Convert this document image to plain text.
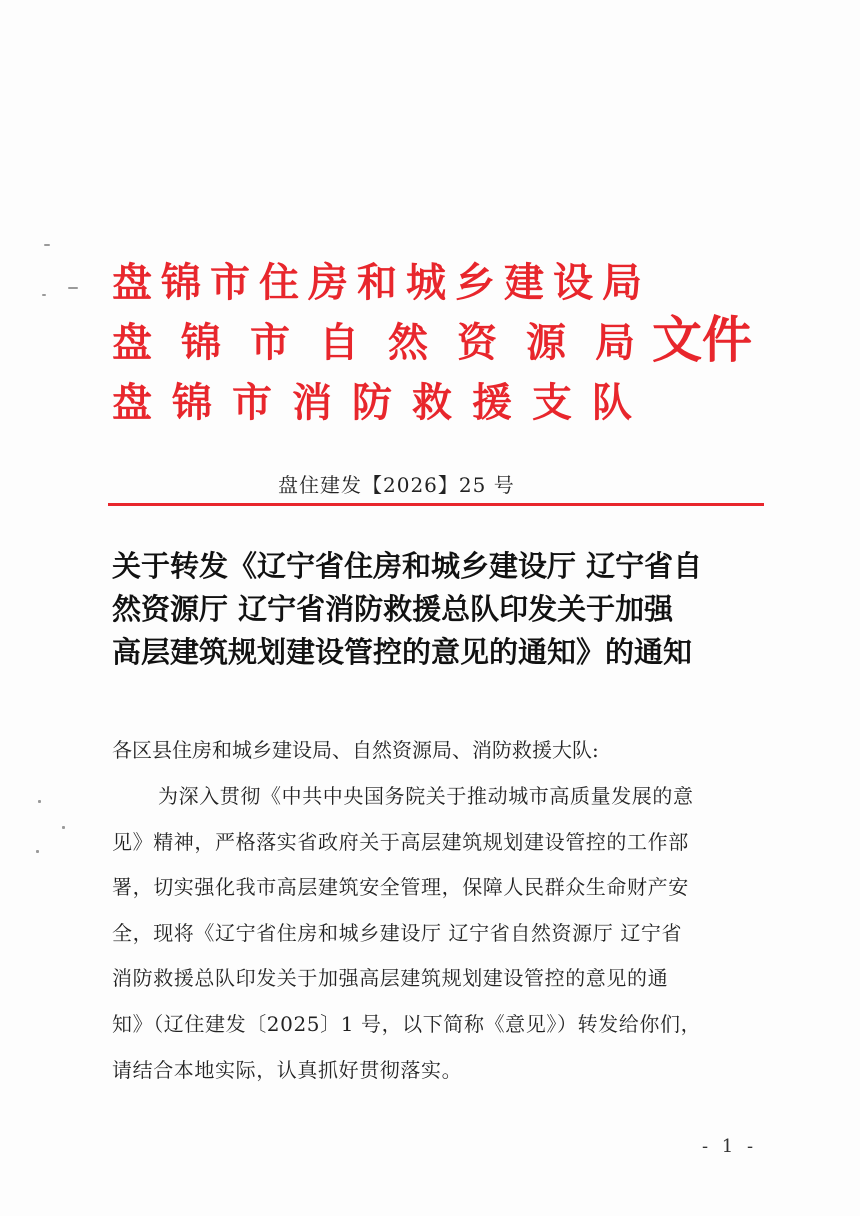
盘锦市住房和城乡建设局
盘锦市自然资源局
盘锦市消防救援支队
文件
盘住建发【2026】25 号
关于转发《辽宁省住房和城乡建设厅 辽宁省自
然资源厅 辽宁省消防救援总队印发关于加强
高层建筑规划建设管控的意见的通知》的通知
各区县住房和城乡建设局、自然资源局、消防救援大队:

为深入贯彻《中共中央国务院关于推动城市高质量发展的意
见》精神，严格落实省政府关于高层建筑规划建设管控的工作部
署，切实强化我市高层建筑安全管理，保障人民群众生命财产安
全，现将《辽宁省住房和城乡建设厅 辽宁省自然资源厅 辽宁省
消防救援总队印发关于加强高层建筑规划建设管控的意见的通
知》（辽住建发〔2025〕1 号，以下简称《意见》）转发给你们，
请结合本地实际，认真抓好贯彻落实。

- 1 -
